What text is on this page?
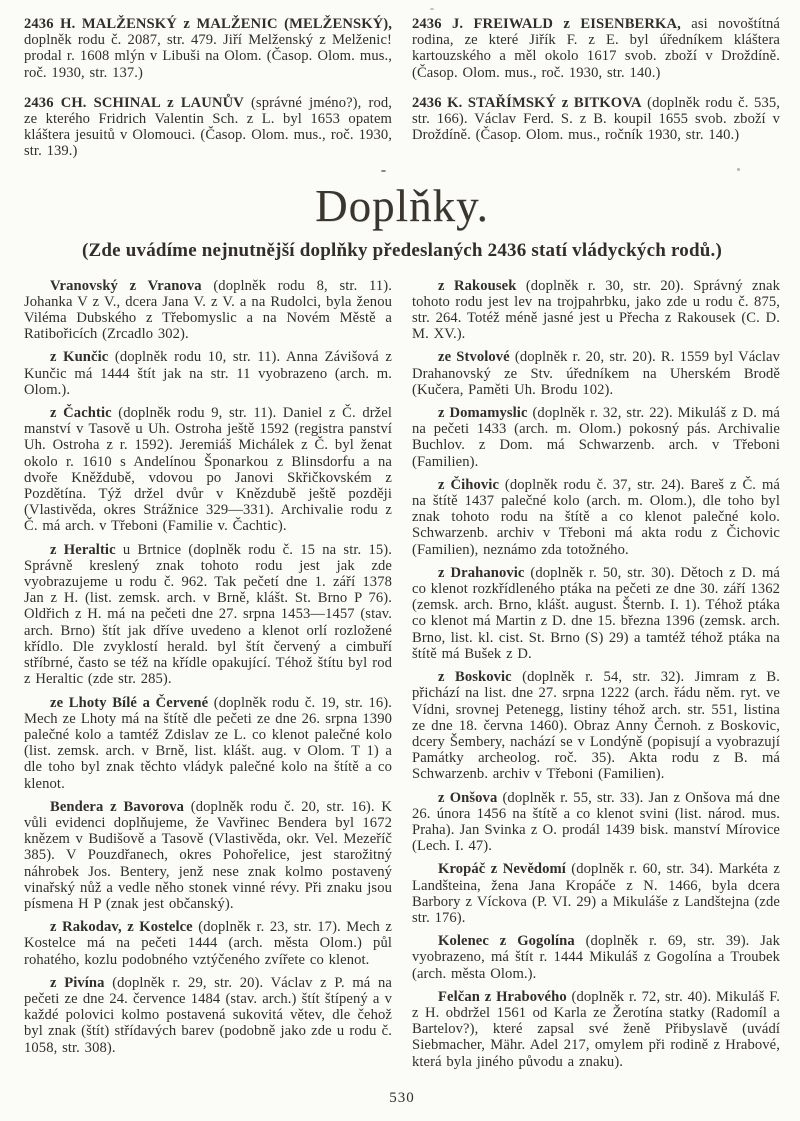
2436 H. MALŽENSKÝ z MALŽENIC (MELŽENSKÝ), doplněk rodu č. 2087, str. 479. Jiří Melženský z Melženic! prodal r. 1608 mlýn v Libuši na Olom. (Časop. Olom. mus., roč. 1930, str. 137.)

2436 CH. SCHINAL z LAUNŮV (správné jméno?), rod, ze kterého Fridrich Valentin Sch. z L. byl 1653 opatem kláštera jesuitů v Olomouci. (Časop. Olom. mus., roč. 1930, str. 139.)

2436 J. FREIWALD z EISENBERKA, asi novoštítná rodina, ze které Jiřík F. z E. byl úředníkem kláštera kartouzského a měl okolo 1617 svob. zboží v Droždíně. (Časop. Olom. mus., roč. 1930, str. 140.)

2436 K. STAŘÍMSKÝ z BITKOVA (doplněk rodu č. 535, str. 166). Václav Ferd. S. z B. koupil 1655 svob. zboží v Droždíně. (Časop. Olom. mus., ročník 1930, str. 140.)

Doplňky.

(Zde uvádíme nejnutnější doplňky předeslaných 2436 statí vládyckých rodů.)

Vranovský z Vranova (doplněk rodu 8, str. 11). Johanka V z V., dcera Jana V. z V. a na Rudolci, byla ženou Viléma Dubského z Třebomyslic a na Novém Městě a Ratibořicích (Zrcadlo 302).

z Kunčic (doplněk rodu 10, str. 11). Anna Závišová z Kunčic má 1444 štít jak na str. 11 vyobrazeno (arch. m. Olom.).

z Čachtic (doplněk rodu 9, str. 11). Daniel z Č. držel manství v Tasově u Uh. Ostroha ještě 1592 (registra panství Uh. Ostroha z r. 1592). Jeremiáš Michálek z Č. byl ženat okolo r. 1610 s Andelínou Šponarkou z Blinsdorfu a na dvoře Kněždubě, vdovou po Janovi Skřičkovském z Pozdětína. Týž držel dvůr v Knězdubě ještě později (Vlastivěda, okres Strážnice 329—331). Archivalie rodu z Č. má arch. v Třeboni (Familie v. Čachtic).

z Heraltic u Brtnice (doplněk rodu č. 15 na str. 15). Správně kreslený znak tohoto rodu jest jak zde vyobrazujeme u rodu č. 962. Tak pečetí dne 1. září 1378 Jan z H. (list. zemsk. arch. v Brně, klášt. St. Brno P 76). Oldřich z H. má na pečeti dne 27. srpna 1453—1457 (stav. arch. Brno) štít jak dříve uvedeno a klenot orlí rozložené křídlo. Dle zvyklostí herald. byl štít červený a cimbuří stříbrné, často se též na křídle opakující. Téhož štítu byl rod z Heraltic (zde str. 285).

ze Lhoty Bílé a Červené (doplněk rodu č. 19, str. 16). Mech ze Lhoty má na štítě dle pečeti ze dne 26. srpna 1390 palečné kolo a tamtéž Zdislav ze L. co klenot palečné kolo (list. zemsk. arch. v Brně, list. klášt. aug. v Olom. T 1) a dle toho byl znak těchto vládyk palečné kolo na štítě a co klenot.

Bendera z Bavorova (doplněk rodu č. 20, str. 16). K vůli evidenci doplňujeme, že Vavřinec Bendera byl 1672 knězem v Budišově a Tasově (Vlastivěda, okr. Vel. Mezeříč 385). V Pouzdřanech, okres Pohořelice, jest starožitný náhrobek Jos. Bentery, jenž nese znak kolmo postavený vinařský nůž a vedle něho stonek vinné révy. Při znaku jsou písmena H P (znak jest občanský).

z Rakodav, z Kostelce (doplněk r. 23, str. 17). Mech z Kostelce má na pečeti 1444 (arch. města Olom.) půl rohatého, kozlu podobného vztýčeného zvířete co klenot.

z Pivína (doplněk r. 29, str. 20). Václav z P. má na pečeti ze dne 24. července 1484 (stav. arch.) štít štípený a v každé polovici kolmo postavená sukovitá větev, dle čehož byl znak (štít) střídavých barev (podobně jako zde u rodu č. 1058, str. 308).

z Rakousek (doplněk r. 30, str. 20). Správný znak tohoto rodu jest lev na trojpahrbku, jako zde u rodu č. 875, str. 264. Totéž méně jasné jest u Přecha z Rakousek (C. D. M. XV.).

ze Stvolové (doplněk r. 20, str. 20). R. 1559 byl Václav Drahanovský ze Stv. úředníkem na Uherském Brodě (Kučera, Paměti Uh. Brodu 102).

z Domamyslic (doplněk r. 32, str. 22). Mikuláš z D. má na pečeti 1433 (arch. m. Olom.) pokosný pás. Archivalie Buchlov. z Dom. má Schwarzenb. arch. v Třeboni (Familien).

z Čihovic (doplněk rodu č. 37, str. 24). Bareš z Č. má na štítě 1437 palečné kolo (arch. m. Olom.), dle toho byl znak tohoto rodu na štítě a co klenot palečné kolo. Schwarzenb. archiv v Třeboni má akta rodu z Čichovic (Familien), neznámo zda totožného.

z Drahanovic (doplněk r. 50, str. 30). Dětoch z D. má co klenot rozkřídleného ptáka na pečeti ze dne 30. září 1362 (zemsk. arch. Brno, klášt. august. Šternb. I. 1). Téhož ptáka co klenot má Martin z D. dne 15. března 1396 (zemsk. arch. Brno, list. kl. cist. St. Brno (S) 29) a tamtéž téhož ptáka na štítě má Bušek z D.

z Boskovic (doplněk r. 54, str. 32). Jimram z B. přichází na list. dne 27. srpna 1222 (arch. řádu něm. ryt. ve Vídni, srovnej Petenegg, listiny téhož arch. str. 551, listina ze dne 18. června 1460). Obraz Anny Černoh. z Boskovic, dcery Šembery, nachází se v Londýně (popisují a vyobrazují Památky archeolog. roč. 35). Akta rodu z B. má Schwarzenb. archiv v Třeboni (Familien).

z Onšova (doplněk r. 55, str. 33). Jan z Onšova má dne 26. února 1456 na štítě a co klenot svini (list. národ. mus. Praha). Jan Svinka z O. prodál 1439 bisk. manství Mírovice (Lech. I. 47).

Kropáč z Nevědomí (doplněk r. 60, str. 34). Markéta z Landšteina, žena Jana Kropáče z N. 1466, byla dcera Barbory z Víckova (P. VI. 29) a Mikuláše z Landštejna (zde str. 176).

Kolenec z Gogolína (doplněk r. 69, str. 39). Jak vyobrazeno, má štít r. 1444 Mikuláš z Gogolína a Troubek (arch. města Olom.).

Felčan z Hrabového (doplněk r. 72, str. 40). Mikuláš F. z H. obdržel 1561 od Karla ze Žerotína statky (Radomíl a Bartelov?), které zapsal své ženě Přibyslavě (uvádí Siebmacher, Mähr. Adel 217, omylem při rodině z Hrabové, která byla jiného původu a znaku).

530
